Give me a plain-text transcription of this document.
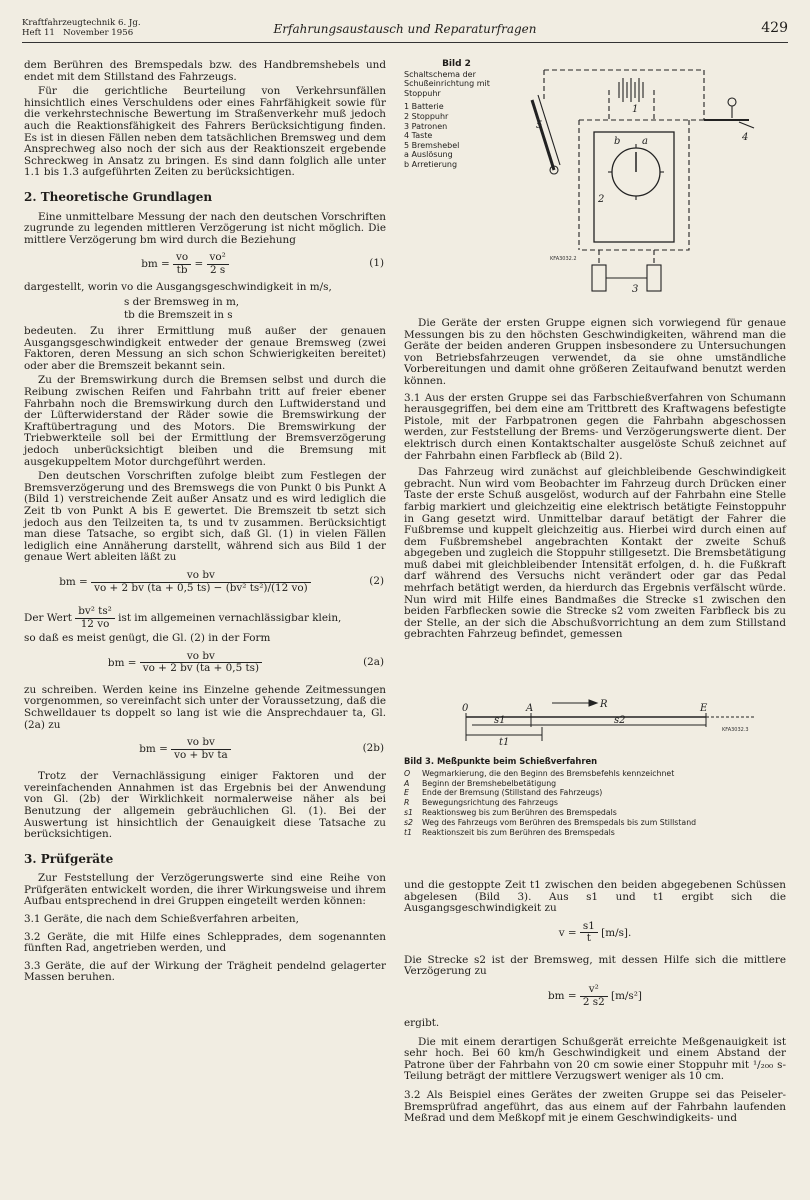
Kraftfahrzeugtechnik 6. Jg.
Heft 11 November 1956	Erfahrungsaustausch und Reparaturfragen	429

dem Berühren des Bremspedals bzw. des Handbremshebels und endet mit dem Stillstand des Fahrzeugs.

Für die gerichtliche Beurteilung von Verkehrsunfällen hinsichtlich eines Verschuldens oder eines Fahrfähigkeit sowie für die verkehrstechnische Bewertung im Straßenverkehr muß jedoch auch die Reaktionsfähigkeit des Fahrers Berücksichtigung finden. Es ist in diesen Fällen neben dem tatsächlichen Bremsweg und dem Ansprechweg also noch der sich aus der Reaktionszeit ergebende Schreckweg in Ansatz zu bringen. Es sind dann folglich alle unter 1.1 bis 1.3 aufgeführten Zeiten zu berücksichtigen.

2. Theoretische Grundlagen

Eine unmittelbare Messung der nach den deutschen Vorschriften zugrunde zu legenden mittleren Verzögerung ist nicht möglich. Die mittlere Verzögerung bm wird durch die Beziehung

bm = $\frac{vo}{tb} = \frac{\text{vo²}}{2 s}$	(1)

dargestellt, worin vo die Ausgangsgeschwindigkeit in m/s,

s der Bremsweg in m,
tb die Bremszeit in s

bedeuten. Zu ihrer Ermittlung muß außer der genauen Ausgangsgeschwindigkeit entweder der genaue Bremsweg (zwei Faktoren, deren Messung an sich schon Schwierigkeiten bereitet) oder aber die Bremszeit bekannt sein.

Zu der Bremswirkung durch die Bremsen selbst und durch die Reibung zwischen Reifen und Fahrbahn tritt auf freier ebener Fahrbahn noch die Bremswirkung durch den Luftwiderstand und der Lüfterwiderstand der Räder sowie die Bremswirkung der Kraftübertragung und des Motors. Die Bremswirkung der Triebwerkteile soll bei der Ermittlung der Bremsverzögerung jedoch unberücksichtigt bleiben und die Bremsung mit ausgekuppeltem Motor durchgeführt werden.

Den deutschen Vorschriften zufolge bleibt zum Festlegen der Bremsverzögerung und des Bremswegs die von Punkt 0 bis Punkt A (Bild 1) verstreichende Zeit außer Ansatz und es wird lediglich die Zeit tb von Punkt A bis E gewertet. Die Bremszeit tb setzt sich jedoch aus den Teilzeiten ta, ts und tv zusammen. Berücksichtigt man diese Tatsache, so ergibt sich, daß Gl. (1) in vielen Fällen lediglich eine Annäherung darstellt, während sich aus Bild 1 der genaue Wert ableiten läßt zu

bm = $\frac{\text{vo bv}}{\text{vo + 2 bv (ta + 0,5 ts) − (bv² ts²)/(12 vo)}}$	(2)

Der Wert $\frac{\text{bv² ts²}}{12 vo}$ ist im allgemeinen vernachlässigbar klein,

so daß es meist genügt, die Gl. (2) in der Form

bm = $\frac{\text{vo bv}}{vo + 2 bv (ta + 0,5 ts)}$	(2a)

zu schreiben. Werden keine ins Einzelne gehende Zeitmessungen vorgenommen, so vereinfacht sich unter der Voraussetzung, daß die Schwelldauer ts doppelt so lang ist wie die Ansprechdauer ta, Gl. (2a) zu

bm = $\frac{\text{vo bv}}{\text{vo + bv ta}}$	(2b)

Trotz der Vernachlässigung einiger Faktoren und der vereinfachenden Annahmen ist das Ergebnis bei der Anwendung von Gl. (2b) der Wirklichkeit normalerweise näher als bei Benutzung der allgemein gebräuchlichen Gl. (1). Bei der Auswertung ist hinsichtlich der Genauigkeit diese Tatsache zu berücksichtigen.

3. Prüfgeräte

Zur Feststellung der Verzögerungswerte sind eine Reihe von Prüfgeräten entwickelt worden, die ihrer Wirkungsweise und ihrem Aufbau entsprechend in drei Gruppen eingeteilt werden können:

3.1 Geräte, die nach dem Schießverfahren arbeiten,

3.2 Geräte, die mit Hilfe eines Schlepprades, dem sogenannten fünften Rad, angetrieben werden, und

3.3 Geräte, die auf der Wirkung der Trägheit pendelnd gelagerter Massen beruhen.

Bild 2
Schaltschema der Schußeinrichtung mit Stoppuhr
1 Batterie
2 Stoppuhr
3 Patronen
4 Taste
5 Bremshebel
a Auslösung
b Arretierung
1
2
3
4
5
a
b
KFA3032.2

Die Geräte der ersten Gruppe eignen sich vorwiegend für genaue Messungen bis zu den höchsten Geschwindigkeiten, während man die Geräte der beiden anderen Gruppen insbesondere zu Untersuchungen von Betriebsfahrzeugen verwendet, da sie ohne umständliche Vorbereitungen und damit ohne größeren Zeitaufwand benutzt werden können.

3.1 Aus der ersten Gruppe sei das Farbschießverfahren von Schumann herausgegriffen, bei dem eine am Trittbrett des Kraftwagens befestigte Pistole, mit der Farbpatronen gegen die Fahrbahn abgeschossen werden, zur Feststellung der Brems- und Verzögerungswerte dient. Der elektrisch durch einen Kontaktschalter ausgelöste Schuß zeichnet auf der Fahrbahn einen Farbfleck ab (Bild 2).

Das Fahrzeug wird zunächst auf gleichbleibende Geschwindigkeit gebracht. Nun wird vom Beobachter im Fahrzeug durch Drücken einer Taste der erste Schuß ausgelöst, wodurch auf der Fahrbahn eine Stelle farbig markiert und gleichzeitig eine elektrisch betätigte Feinstoppuhr in Gang gesetzt wird. Unmittelbar darauf betätigt der Fahrer die Fußbremse und kuppelt gleichzeitig aus. Hierbei wird durch einen auf dem Fußbremshebel angebrachten Kontakt der zweite Schuß abgegeben und zugleich die Stoppuhr stillgesetzt. Die Bremsbetätigung muß dabei mit gleichbleibender Intensität erfolgen, d. h. die Fußkraft darf während des Versuchs nicht verändert oder gar das Pedal mehrfach betätigt werden, da hierdurch das Ergebnis verfälscht würde. Nun wird mit Hilfe eines Bandmaßes die Strecke s1 zwischen den beiden Farbflecken sowie die Strecke s2 vom zweiten Farbfleck bis zu der Stelle, an der sich die Abschußvorrichtung an dem zum Stillstand gebrachten Fahrzeug befindet, gemessen

0	A	E
R
s1
t1
s2
KFA3032.3
Bild 3. Meßpunkte beim Schießverfahren
O	Wegmarkierung, die den Beginn des Bremsbefehls kennzeichnet
A	Beginn der Bremshebelbetätigung
E	Ende der Bremsung (Stillstand des Fahrzeugs)
R	Bewegungsrichtung des Fahrzeugs
s1	Reaktionsweg bis zum Berühren des Bremspedals
s2	Weg des Fahrzeugs vom Berühren des Bremspedals bis zum Stillstand
t1	Reaktionszeit bis zum Berühren des Bremspedals

und die gestoppte Zeit t1 zwischen den beiden abgegebenen Schüssen abgelesen (Bild 3). Aus s1 und t1 ergibt sich die Ausgangsgeschwindigkeit zu

$v = \frac{s1}{t} [m/s]$.

Die Strecke s2 ist der Bremsweg, mit dessen Hilfe sich die mittlere Verzögerung zu

bm = $\frac{\text{v²}}{2 s2} [m/s^2]$

ergibt.

Die mit einem derartigen Schußgerät erreichte Meßgenauigkeit ist sehr hoch. Bei 60 km/h Geschwindigkeit und einem Abstand der Patrone über der Fahrbahn von 20 cm sowie einer Stoppuhr mit ¹/₂₀₀ s-Teilung beträgt der mittlere Verzugswert weniger als 10 cm.

3.2 Als Beispiel eines Gerätes der zweiten Gruppe sei das Peiseler-Bremsprüfrad angeführt, das aus einem auf der Fahrbahn laufenden Meßrad und dem Meßkopf mit je einem Geschwindigkeits- und
